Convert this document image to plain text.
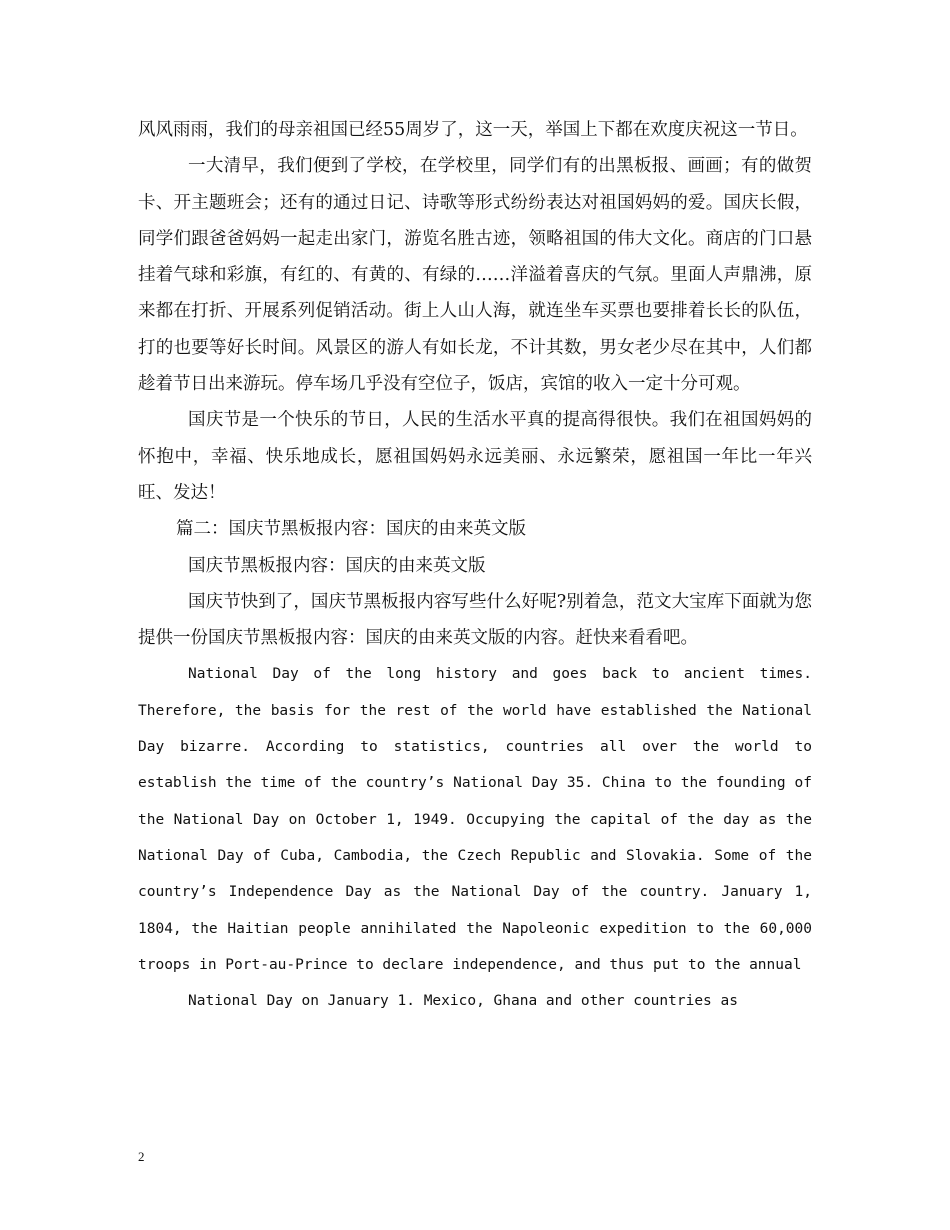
风风雨雨，我们的母亲祖国已经55周岁了，这一天，举国上下都在欢度庆祝这一节日。

一大清早，我们便到了学校，在学校里，同学们有的出黑板报、画画；有的做贺卡、开主题班会；还有的通过日记、诗歌等形式纷纷表达对祖国妈妈的爱。国庆长假，同学们跟爸爸妈妈一起走出家门，游览名胜古迹，领略祖国的伟大文化。商店的门口悬挂着气球和彩旗，有红的、有黄的、有绿的……洋溢着喜庆的气氛。里面人声鼎沸，原来都在打折、开展系列促销活动。街上人山人海，就连坐车买票也要排着长长的队伍，打的也要等好长时间。风景区的游人有如长龙，不计其数，男女老少尽在其中，人们都趁着节日出来游玩。停车场几乎没有空位子，饭店，宾馆的收入一定十分可观。

国庆节是一个快乐的节日，人民的生活水平真的提高得很快。我们在祖国妈妈的怀抱中，幸福、快乐地成长，愿祖国妈妈永远美丽、永远繁荣，愿祖国一年比一年兴旺、发达！

篇二：国庆节黑板报内容：国庆的由来英文版

国庆节黑板报内容：国庆的由来英文版

国庆节快到了，国庆节黑板报内容写些什么好呢?别着急，范文大宝库下面就为您提供一份国庆节黑板报内容：国庆的由来英文版的内容。赶快来看看吧。

National Day of the long history and goes back to ancient times. Therefore, the basis for the rest of the world have established the National Day bizarre. According to statistics, countries all over the world to establish the time of the country’s National Day 35. China to the founding of the National Day on October 1, 1949. Occupying the capital of the day as the National Day of Cuba, Cambodia, the Czech Republic and Slovakia. Some of the country’s Independence Day as the National Day of the country. January 1, 1804, the Haitian people annihilated the Napoleonic expedition to the 60,000 troops in Port-au-Prince to declare independence, and thus put to the annual

National Day on January 1. Mexico, Ghana and other countries as

2
